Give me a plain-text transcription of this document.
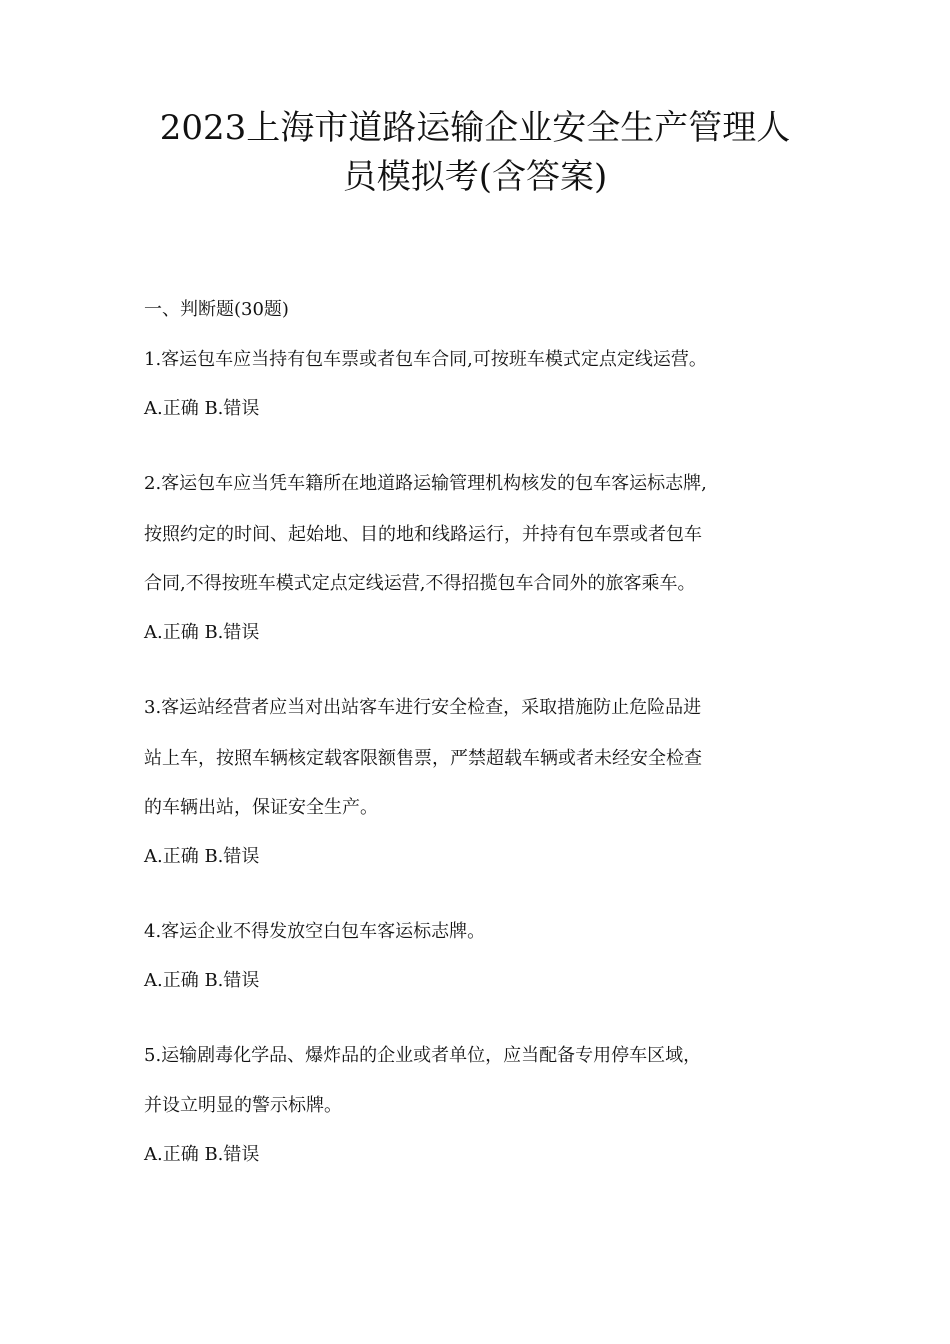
2023上海市道路运输企业安全生产管理人
员模拟考(含答案)

一、判断题(30题)

1.客运包车应当持有包车票或者包车合同,可按班车模式定点定线运营。

A.正确 B.错误

2.客运包车应当凭车籍所在地道路运输管理机构核发的包车客运标志牌,

按照约定的时间、起始地、目的地和线路运行，并持有包车票或者包车

合同,不得按班车模式定点定线运营,不得招揽包车合同外的旅客乘车。

A.正确 B.错误

3.客运站经营者应当对出站客车进行安全检查，采取措施防止危险品进

站上车，按照车辆核定载客限额售票，严禁超载车辆或者未经安全检查

的车辆出站，保证安全生产。

A.正确 B.错误

4.客运企业不得发放空白包车客运标志牌。

A.正确 B.错误

5.运输剧毒化学品、爆炸品的企业或者单位，应当配备专用停车区域，

并设立明显的警示标牌。

A.正确 B.错误
